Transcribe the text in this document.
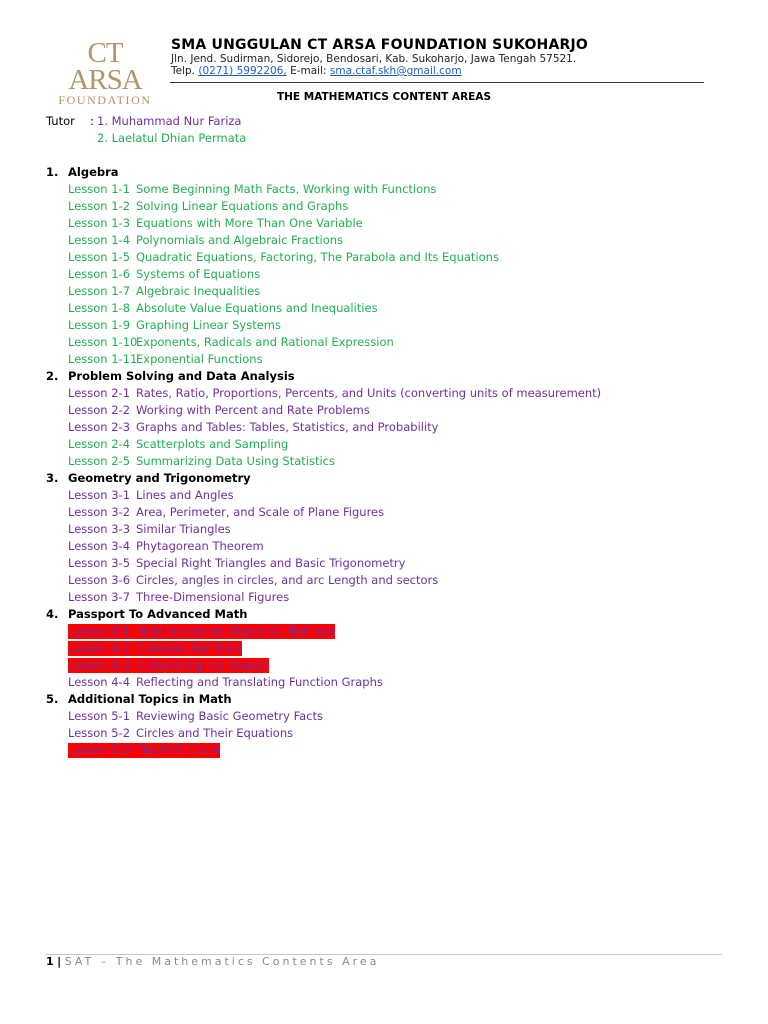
CT ARSA
FOUNDATION
SMA UNGGULAN CT ARSA FOUNDATION SUKOHARJO
Jln. Jend. Sudirman, Sidorejo, Bendosari, Kab. Sukoharjo, Jawa Tengah 57521.
Telp. (0271) 5992206, E-mail: sma.ctaf.skh@gmail.com
THE MATHEMATICS CONTENT AREAS
Tutor : 1. Muhammad Nur Fariza
2. Laelatul Dhian Permata
1. Algebra
Lesson 1-1 Some Beginning Math Facts, Working with Functions
Lesson 1-2 Solving Linear Equations and Graphs
Lesson 1-3 Equations with More Than One Variable
Lesson 1-4 Polynomials and Algebraic Fractions
Lesson 1-5 Quadratic Equations, Factoring, The Parabola and Its Equations
Lesson 1-6 Systems of Equations
Lesson 1-7 Algebraic Inequalities
Lesson 1-8 Absolute Value Equations and Inequalities
Lesson 1-9 Graphing Linear Systems
Lesson 1-10Exponents, Radicals and Rational Expression
Lesson 1-11Exponential Functions
2. Problem Solving and Data Analysis
Lesson 2-1 Rates, Ratio, Proportions, Percents, and Units (converting units of measurement)
Lesson 2-2 Working with Percent and Rate Problems
Lesson 2-3 Graphs and Tables: Tables, Statistics, and Probability
Lesson 2-4 Scatterplots and Sampling
Lesson 2-5 Summarizing Data Using Statistics
3. Geometry and Trigonometry
Lesson 3-1 Lines and Angles
Lesson 3-2 Area, Perimeter, and Scale of Plane Figures
Lesson 3-3 Similar Triangles
Lesson 3-4 Phytagorean Theorem
Lesson 3-5 Special Right Triangles and Basic Trigonometry
Lesson 3-6 Circles, angles in circles, and arc Length and sectors
Lesson 3-7 Three-Dimensional Figures
4. Passport To Advanced Math
Lesson 4-1 More Advanced Algebraic Methods
Lesson 4-2 Complex Numbers
Lesson 4-3 Completing the Square
Lesson 4-4 Reflecting and Translating Function Graphs
5. Additional Topics in Math
Lesson 5-1 Reviewing Basic Geometry Facts
Lesson 5-2 Circles and Their Equations
Lesson 5-3 The Unit Circle
1 | SAT – The Mathematics Contents Area
